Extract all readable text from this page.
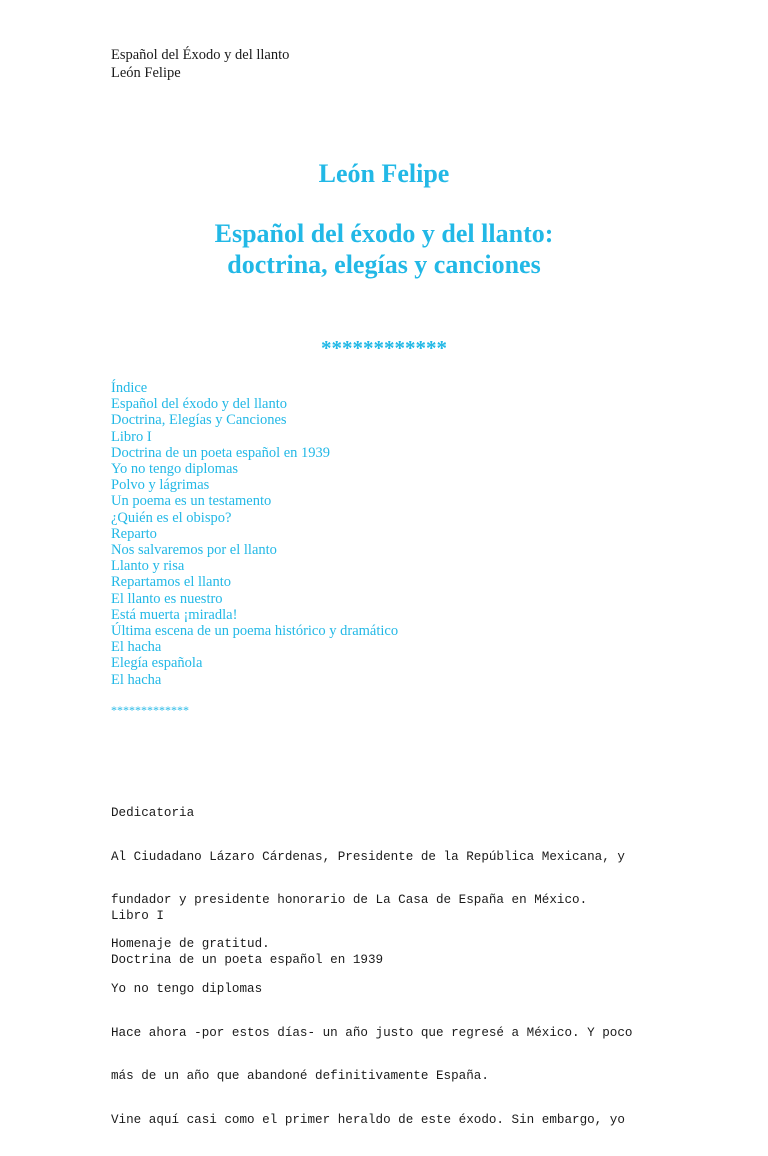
Español del Éxodo y del llanto
León Felipe
León Felipe
Español del éxodo y del llanto:
doctrina, elegías y canciones
************
Índice
Español del éxodo y del llanto
Doctrina, Elegías y Canciones
Libro I
Doctrina de un poeta español en 1939
Yo no tengo diplomas
Polvo y lágrimas
Un poema es un testamento
¿Quién es el obispo?
Reparto
Nos salvaremos por el llanto
Llanto y risa
Repartamos el llanto
El llanto es nuestro
Está muerta ¡miradla!
Última escena de un poema histórico y dramático
El hacha
Elegía española
El hacha
*************

Dedicatoria

Al Ciudadano Lázaro Cárdenas, Presidente de la República Mexicana, y

fundador y presidente honorario de La Casa de España en México.

Homenaje de gratitud.

Libro I

Doctrina de un poeta español en 1939

Yo no tengo diplomas

Hace ahora -por estos días- un año justo que regresé a México. Y poco

más de un año que abandoné definitivamente España.

Vine aquí casi como el primer heraldo de este éxodo. Sin embargo, yo
